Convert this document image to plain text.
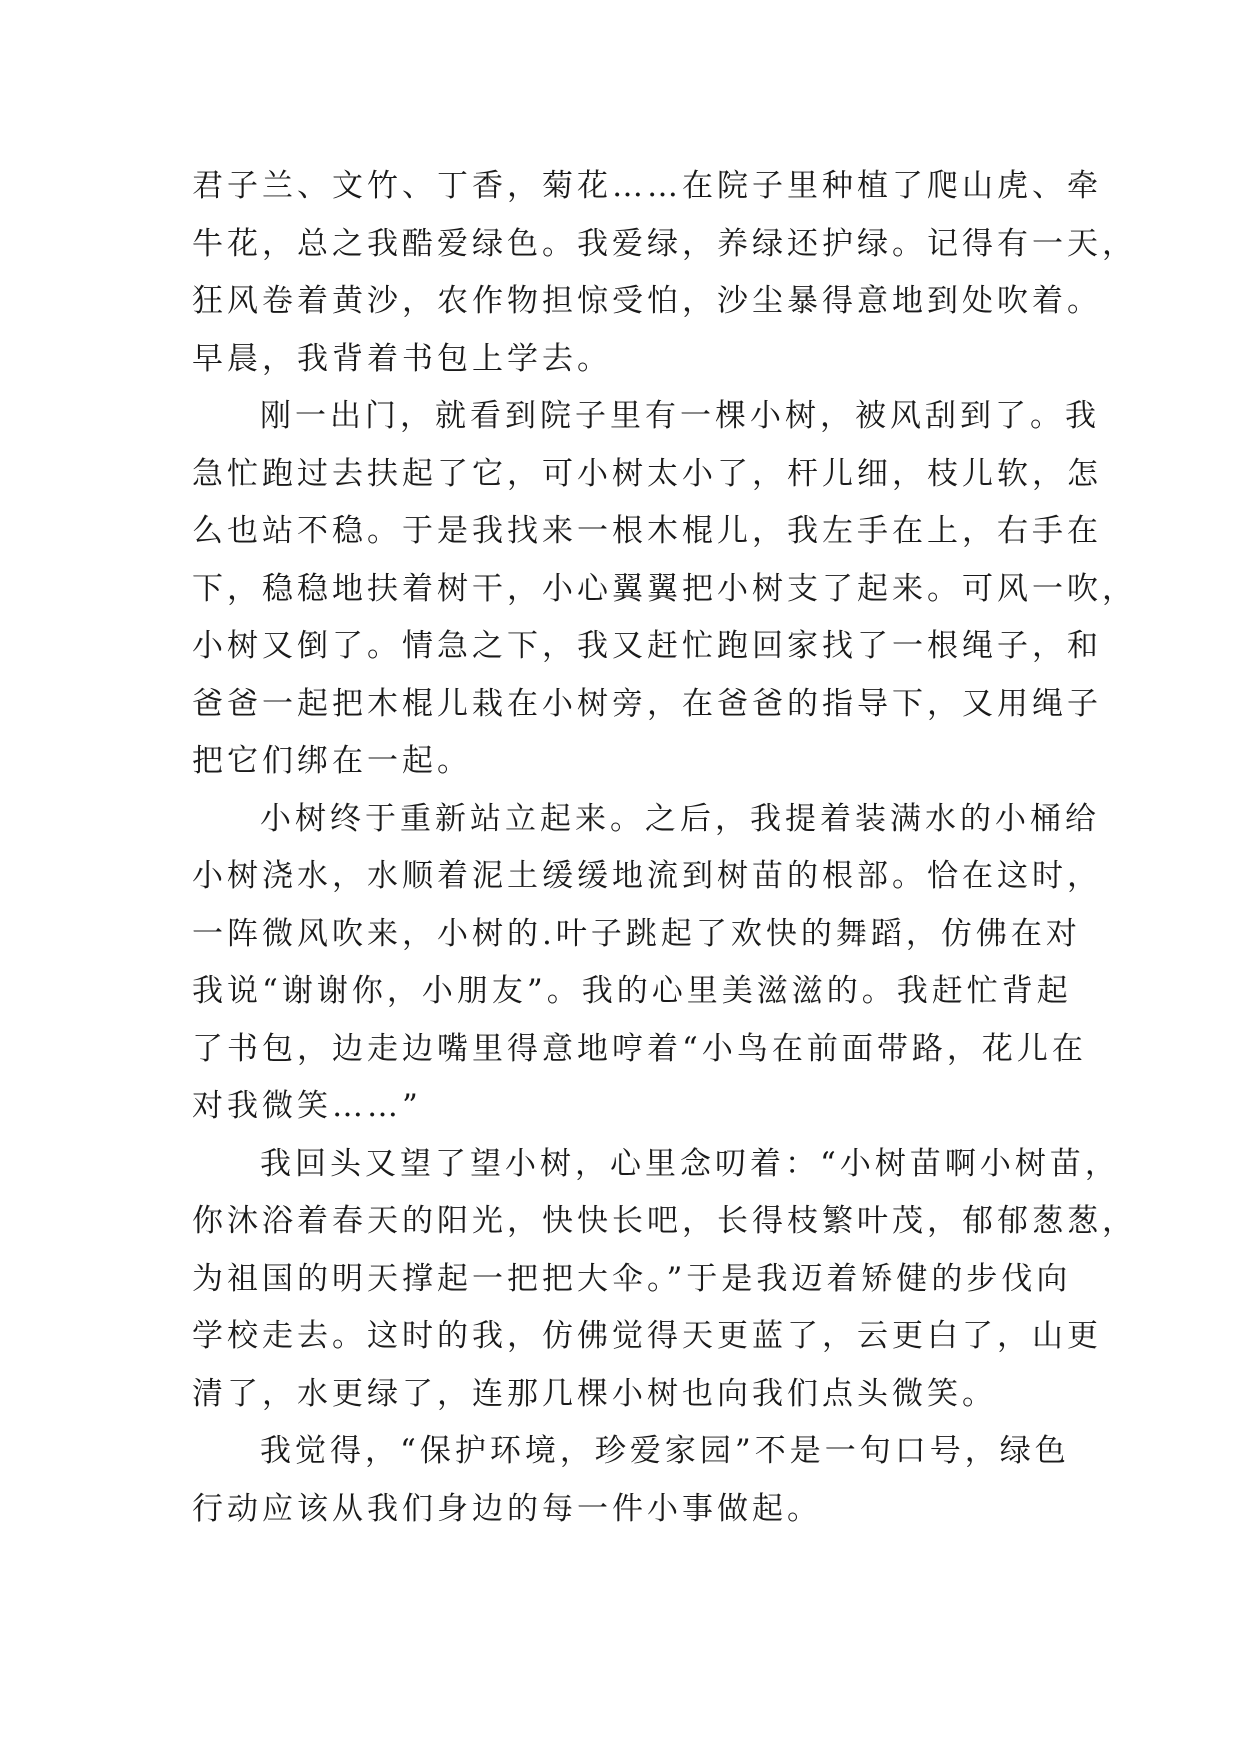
君子兰、文竹、丁香，菊花……在院子里种植了爬山虎、牵
牛花，总之我酷爱绿色。我爱绿，养绿还护绿。记得有一天，
狂风卷着黄沙，农作物担惊受怕，沙尘暴得意地到处吹着。
早晨，我背着书包上学去。
刚一出门，就看到院子里有一棵小树，被风刮到了。我
急忙跑过去扶起了它，可小树太小了，杆儿细，枝儿软，怎
么也站不稳。于是我找来一根木棍儿，我左手在上，右手在
下，稳稳地扶着树干，小心翼翼把小树支了起来。可风一吹，
小树又倒了。情急之下，我又赶忙跑回家找了一根绳子，和
爸爸一起把木棍儿栽在小树旁，在爸爸的指导下，又用绳子
把它们绑在一起。
小树终于重新站立起来。之后，我提着装满水的小桶给
小树浇水，水顺着泥土缓缓地流到树苗的根部。恰在这时，
一阵微风吹来，小树的.叶子跳起了欢快的舞蹈，仿佛在对
我说“谢谢你，小朋友”。我的心里美滋滋的。我赶忙背起
了书包，边走边嘴里得意地哼着“小鸟在前面带路，花儿在
对我微笑……”
我回头又望了望小树，心里念叨着：“小树苗啊小树苗，
你沐浴着春天的阳光，快快长吧，长得枝繁叶茂，郁郁葱葱，
为祖国的明天撑起一把把大伞。”于是我迈着矫健的步伐向
学校走去。这时的我，仿佛觉得天更蓝了，云更白了，山更
清了，水更绿了，连那几棵小树也向我们点头微笑。
我觉得，“保护环境，珍爱家园”不是一句口号，绿色
行动应该从我们身边的每一件小事做起。
